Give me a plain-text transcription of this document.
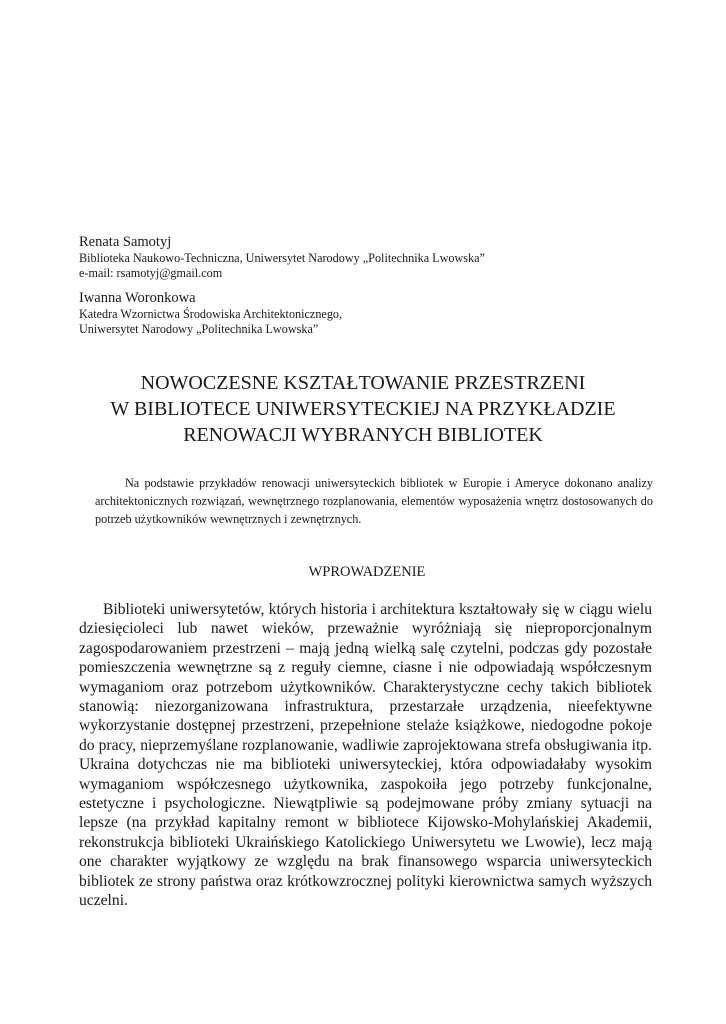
Renata Samotyj
Biblioteka Naukowo-Techniczna, Uniwersytet Narodowy „Politechnika Lwowska”
e-mail: rsamotyj@gmail.com
Iwanna Woronkowa
Katedra Wzornictwa Środowiska Architektonicznego,
Uniwersytet Narodowy „Politechnika Lwowska”
NOWOCZESNE KSZTAŁTOWANIE PRZESTRZENI
W BIBLIOTECE UNIWERSYTECKIEJ NA PRZYKŁADZIE
RENOWACJI WYBRANYCH BIBLIOTEK
Na podstawie przykładów renowacji uniwersyteckich bibliotek w Europie i Ameryce dokonano analizy architektonicznych rozwiązań, wewnętrznego rozplanowania, elementów wyposażenia wnętrz dostosowanych do potrzeb użytkowników wewnętrznych i zewnętrznych.
WPROWADZENIE
Biblioteki uniwersytetów, których historia i architektura kształtowały się w ciągu wielu dziesięcioleci lub nawet wieków, przeważnie wyróżniają się nieproporcjonalnym zagospodarowaniem przestrzeni – mają jedną wielką salę czytelni, podczas gdy pozostałe pomieszczenia wewnętrzne są z reguły ciemne, ciasne i nie odpowiadają współczesnym wymaganiom oraz potrzebom użytkowników. Charakterystyczne cechy takich bibliotek stanowią: niezorganizowana infrastruktura, przestarzałe urządzenia, nieefektywne wykorzystanie dostępnej przestrzeni, przepełnione stelaże książkowe, niedogodne pokoje do pracy, nieprzemyślane rozplanowanie, wadliwie zaprojektowana strefa obsługiwania itp. Ukraina dotychczas nie ma biblioteki uniwersyteckiej, która odpowiadałaby wysokim wymaganiom współczesnego użytkownika, zaspokoiła jego potrzeby funkcjonalne, estetyczne i psychologiczne. Niewątpliwie są podejmowane próby zmiany sytuacji na lepsze (na przykład kapitalny remont w bibliotece Kijowsko-Mohylańskiej Akademii, rekonstrukcja biblioteki Ukraińskiego Katolickiego Uniwersytetu we Lwowie), lecz mają one charakter wyjątkowy ze względu na brak finansowego wsparcia uniwersyteckich bibliotek ze strony państwa oraz krótkowzrocznej polityki kierownictwa samych wyższych uczelni.
